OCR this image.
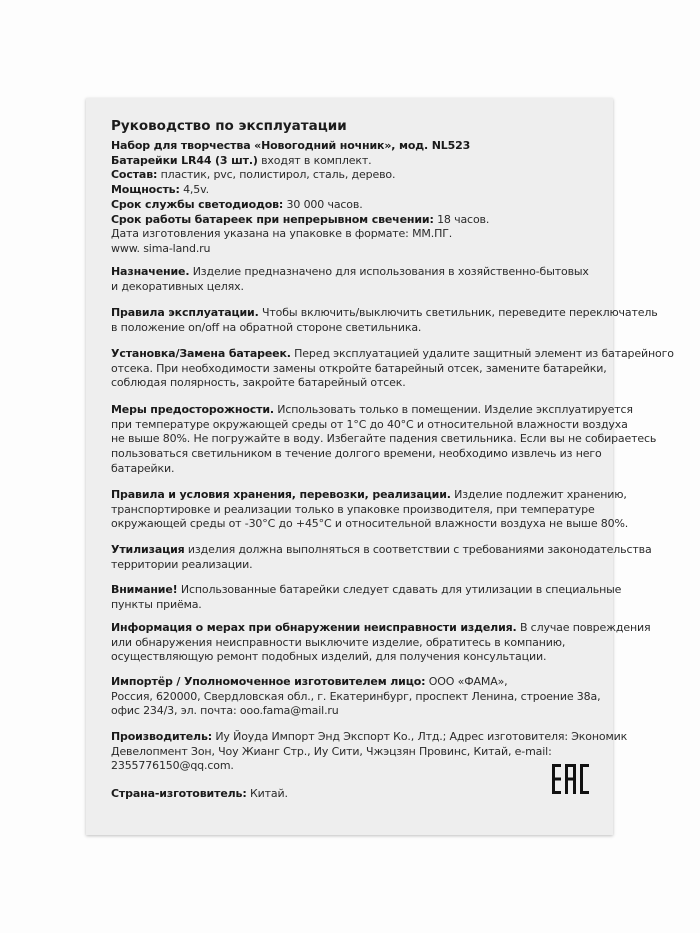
Руководство по эксплуатации
Набор для творчества «Новогодний ночник», мод. NL523
Батарейки LR44 (3 шт.) входят в комплект.
Состав: пластик, pvc, полистирол, сталь, дерево.
Мощность: 4,5v.
Срок службы светодиодов: 30 000 часов.
Срок работы батареек при непрерывном свечении: 18 часов.
Дата изготовления указана на упаковке в формате: ММ.ПГ.
www. sima-land.ru
Назначение. Изделие предназначено для использования в хозяйственно-бытовых
и декоративных целях.
Правила эксплуатации. Чтобы включить/выключить светильник, переведите переключатель
в положение on/off на обратной стороне светильника.
Установка/Замена батареек. Перед эксплуатацией удалите защитный элемент из батарейного
отсека. При необходимости замены откройте батарейный отсек, замените батарейки,
соблюдая полярность, закройте батарейный отсек.
Меры предосторожности. Использовать только в помещении. Изделие эксплуатируется
при температуре окружающей среды от 1°С до 40°С и относительной влажности воздуха
не выше 80%. Не погружайте в воду. Избегайте падения светильника. Если вы не собираетесь
пользоваться светильником в течение долгого времени, необходимо извлечь из него
батарейки.
Правила и условия хранения, перевозки, реализации. Изделие подлежит хранению,
транспортировке и реализации только в упаковке производителя, при температуре
окружающей среды от -30°С до +45°С и относительной влажности воздуха не выше 80%.
Утилизация изделия должна выполняться в соответствии с требованиями законодательства
территории реализации.
Внимание! Использованные батарейки следует сдавать для утилизации в специальные
пункты приёма.
Информация о мерах при обнаружении неисправности изделия. В случае повреждения
или обнаружения неисправности выключите изделие, обратитесь в компанию,
осуществляющую ремонт подобных изделий, для получения консультации.
Импортёр / Уполномоченное изготовителем лицо: ООО «ФАМА»,
Россия, 620000, Свердловская обл., г. Екатеринбург, проспект Ленина, строение 38а,
офис 234/3, эл. почта: ooo.fama@mail.ru
Производитель: Иу Йоуда Импорт Энд Экспорт Ко., Лтд.; Адрес изготовителя: Экономик
Девелопмент Зон, Чоу Жианг Стр., Иу Сити, Чжэцзян Провинс, Китай, e-mail:
2355776150@qq.com.
Страна-изготовитель: Китай.
